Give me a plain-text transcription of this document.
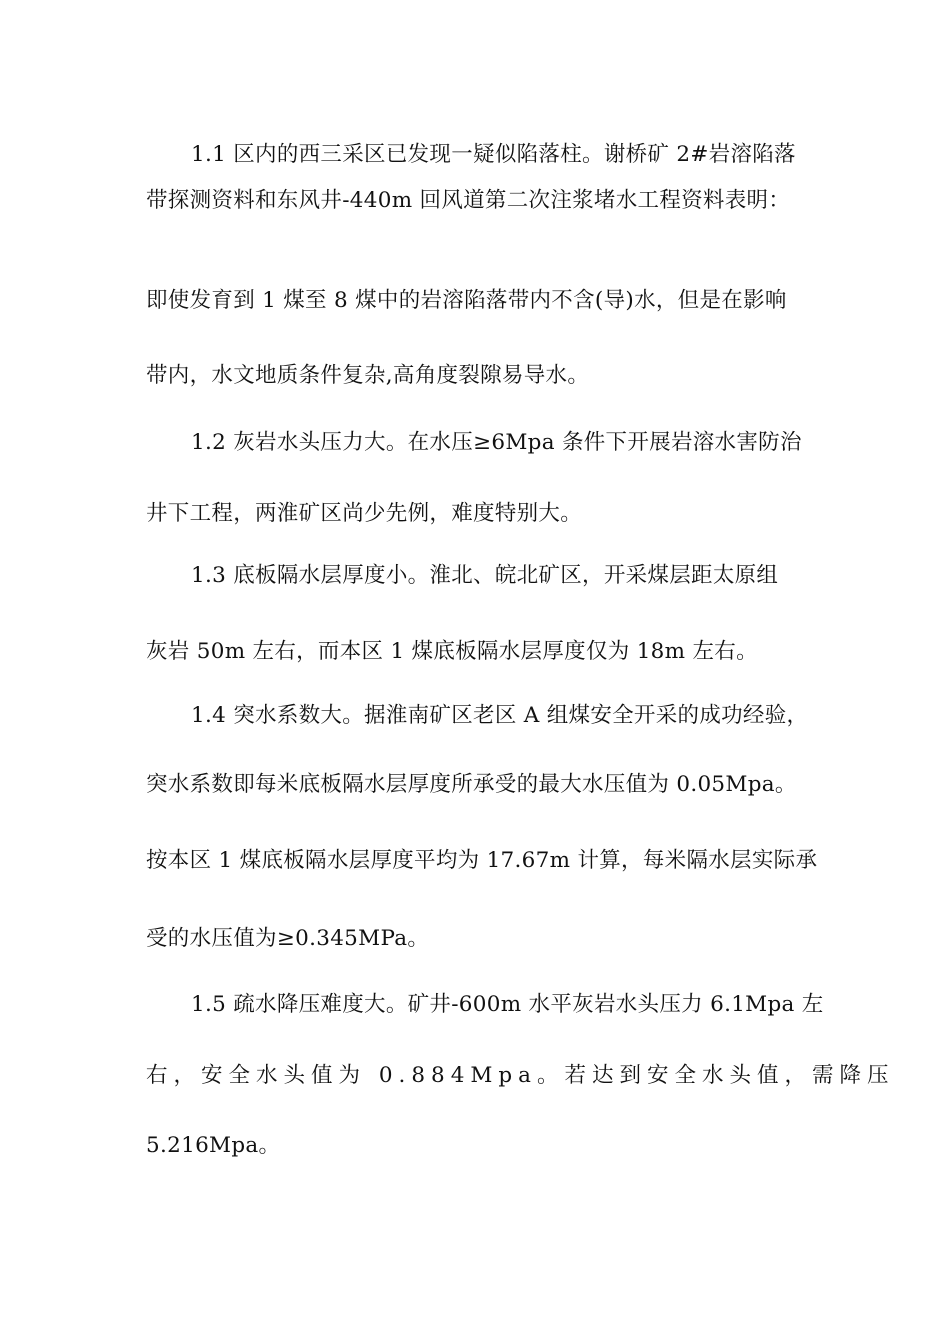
1.1 区内的西三采区已发现一疑似陷落柱。谢桥矿 2#岩溶陷落
带探测资料和东风井-440m 回风道第二次注浆堵水工程资料表明：
即使发育到 1 煤至 8 煤中的岩溶陷落带内不含(导)水，但是在影响
带内，水文地质条件复杂,高角度裂隙易导水。
1.2 灰岩水头压力大。在水压≥6Mpa 条件下开展岩溶水害防治
井下工程，两淮矿区尚少先例，难度特别大。
1.3 底板隔水层厚度小。淮北、皖北矿区，开采煤层距太原组
灰岩 50m 左右，而本区 1 煤底板隔水层厚度仅为 18m 左右。
1.4 突水系数大。据淮南矿区老区 A 组煤安全开采的成功经验，
突水系数即每米底板隔水层厚度所承受的最大水压值为 0.05Mpa。
按本区 1 煤底板隔水层厚度平均为 17.67m 计算，每米隔水层实际承
受的水压值为≥0.345MPa。
1.5 疏水降压难度大。矿井-600m 水平灰岩水头压力 6.1Mpa 左
右，安全水头值为 0.884Mpa。若达到安全水头值，需降压
5.216Mpa。
